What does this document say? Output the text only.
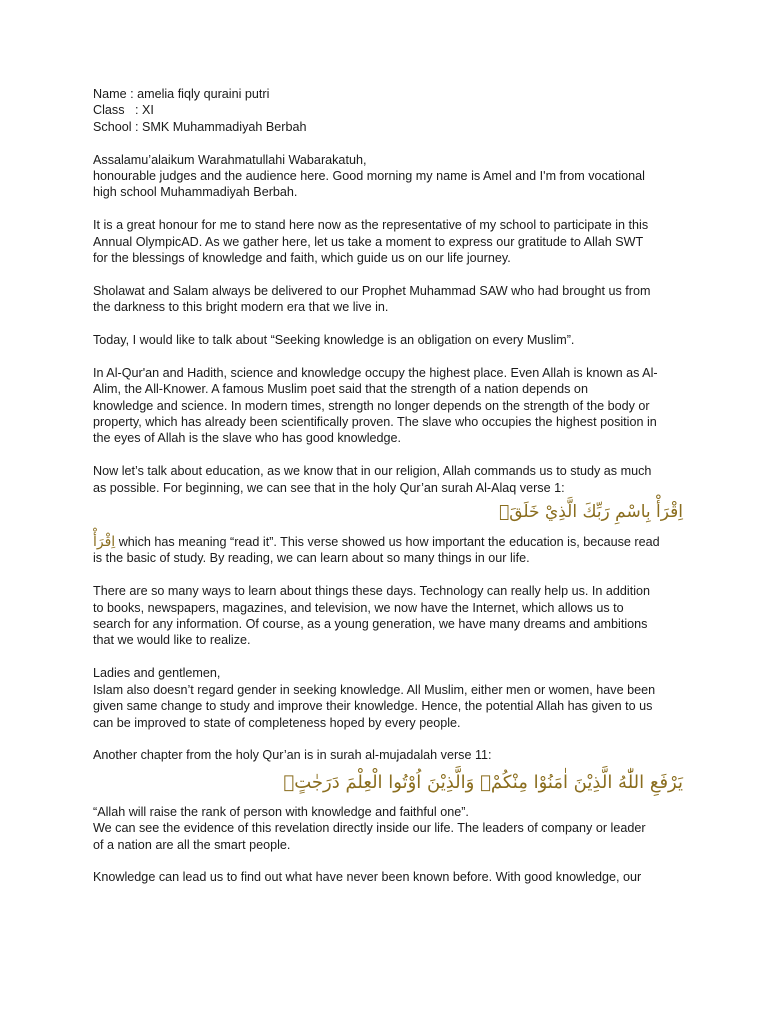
Name : amelia fiqly quraini putri
Class   : XI
School : SMK Muhammadiyah Berbah
Assalamu’alaikum Warahmatullahi Wabarakatuh,
honourable judges and the audience here. Good morning my name is Amel and I'm from vocational
high school Muhammadiyah Berbah.
It is a great honour for me to stand here now as the representative of my school to participate in this
Annual OlympicAD. As we gather here, let us take a moment to express our gratitude to Allah SWT
for the blessings of knowledge and faith, which guide us on our life journey.
Sholawat and Salam always be delivered to our Prophet Muhammad SAW who had brought us from
the darkness to this bright modern era that we live in.
Today, I would like to talk about “Seeking knowledge is an obligation on every Muslim”.
In Al-Qur'an and Hadith, science and knowledge occupy the highest place. Even Allah is known as Al-
Alim, the All-Knower. A famous Muslim poet said that the strength of a nation depends on
knowledge and science. In modern times, strength no longer depends on the strength of the body or
property, which has already been scientifically proven. The slave who occupies the highest position in
the eyes of Allah is the slave who has good knowledge.
Now let’s talk about education, as we know that in our religion, Allah commands us to study as much
as possible. For beginning, we can see that in the holy Qur’an surah Al-Alaq verse 1:
اِقْرَأْ بِاسْمِ رَبِّكَ الَّذِيْ خَلَقَۚ
اِقْرَأْ which has meaning “read it”. This verse showed us how important the education is, because read
is the basic of study. By reading, we can learn about so many things in our life.
There are so many ways to learn about things these days. Technology can really help us. In addition
to books, newspapers, magazines, and television, we now have the Internet, which allows us to
search for any information. Of course, as a young generation, we have many dreams and ambitions
that we would like to realize.
Ladies and gentlemen,
Islam also doesn’t regard gender in seeking knowledge. All Muslim, either men or women, have been
given same change to study and improve their knowledge. Hence, the potential Allah has given to us
can be improved to state of completeness hoped by every people.
Another chapter from the holy Qur’an is in surah al-mujadalah verse 11:
يَرْفَعِ اللّٰهُ الَّذِيْنَ اٰمَنُوْا مِنْكُمْۙ وَالَّذِيْنَ اُوْتُوا الْعِلْمَ دَرَجٰتٍۗ
“Allah will raise the rank of person with knowledge and faithful one”.
We can see the evidence of this revelation directly inside our life. The leaders of company or leader
of a nation are all the smart people.
Knowledge can lead us to find out what have never been known before. With good knowledge, our
